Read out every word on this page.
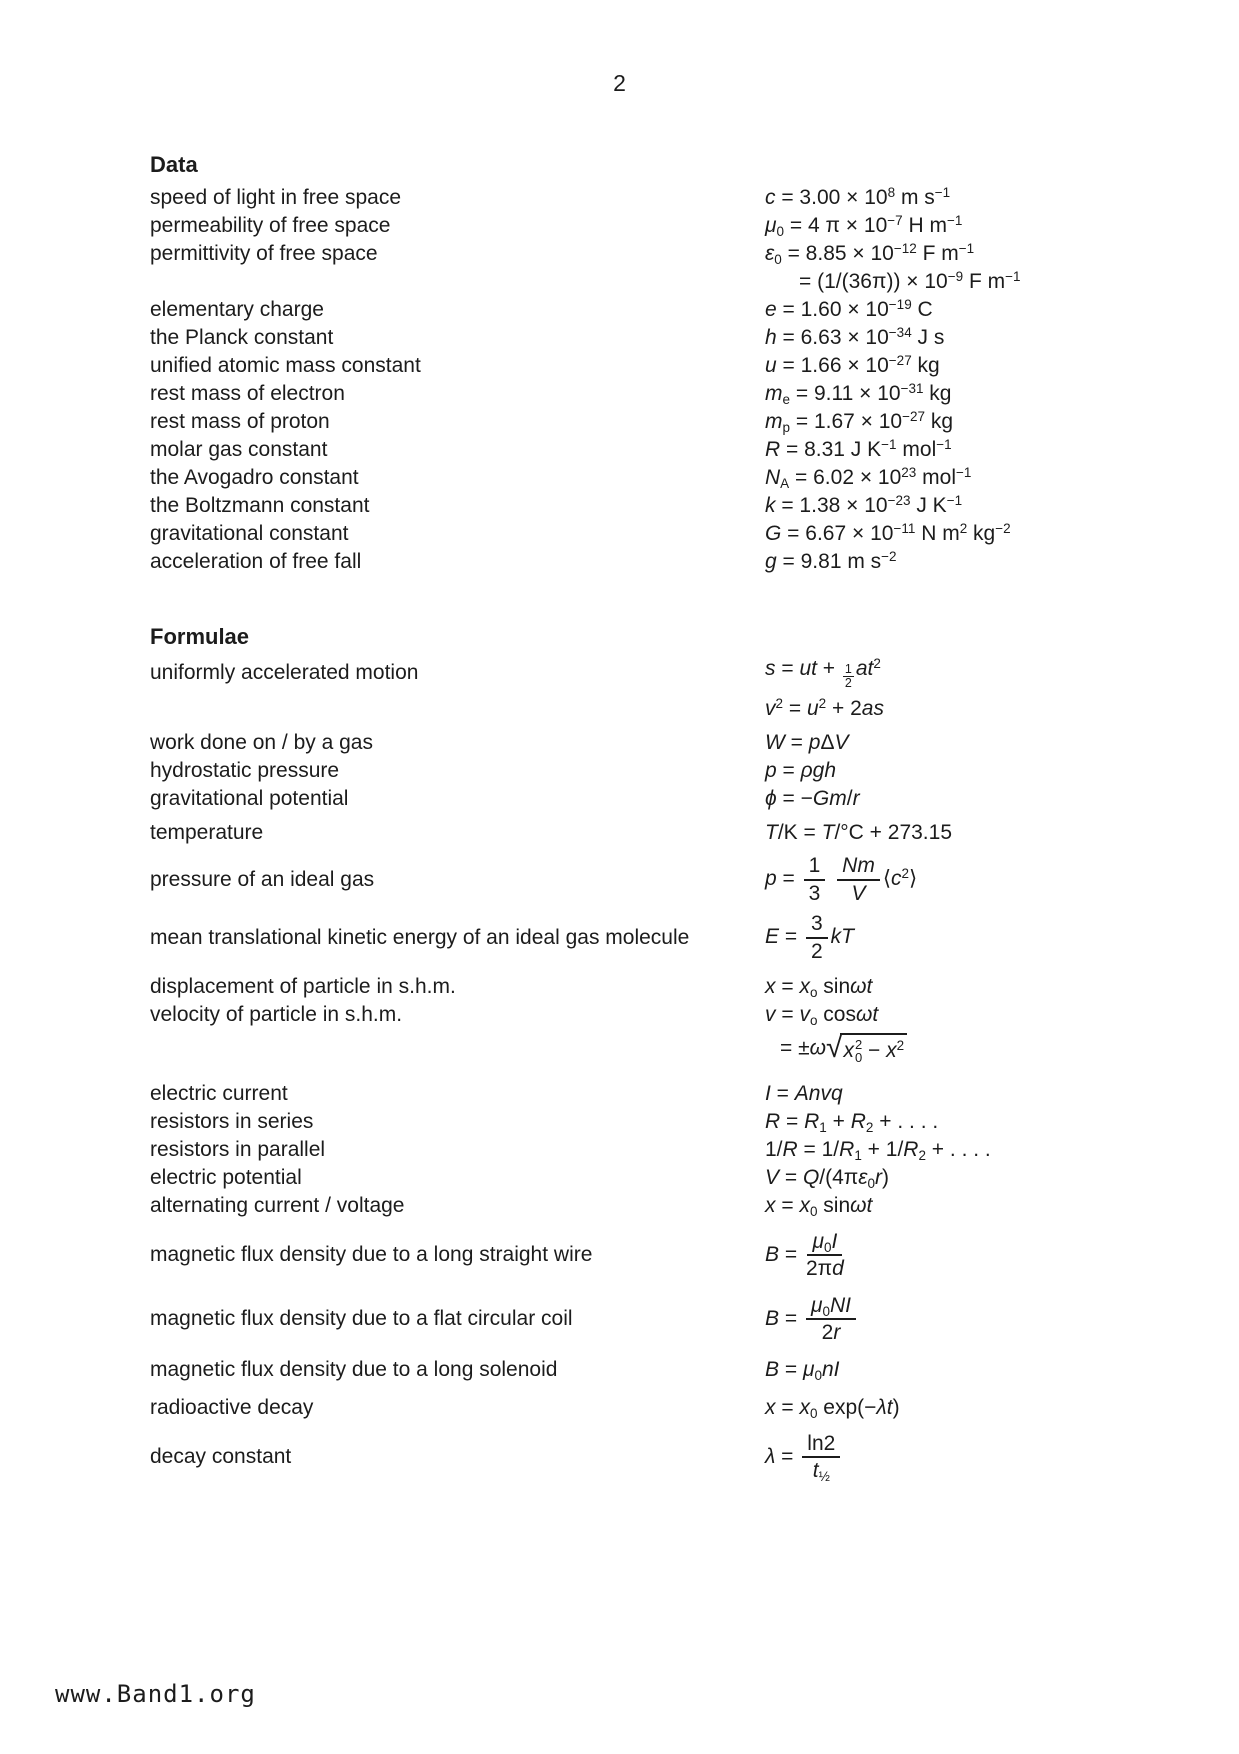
2
Data
speed of light in free space	$c = 3.00 \times 10^8$ m $s^{-1}$
permeability of free space	$\mu_0 = 4$ $\pi \times 10^{-7}$ H $m^{-1}$
permittivity of free space	$\varepsilon_0 = 8.85 \times 10^{-12}$ F $m^{-1}$
= $(1/(36\pi)) \times 10^{-9}$ F $m^{-1}$
elementary charge	$e = 1.60 \times 10^{-19}$ C
the Planck constant	$h = 6.63 \times 10^{-34}$ J s
unified atomic mass constant	$u = 1.66 \times 10^{-27}$ kg
rest mass of electron	$m_e = 9.11 \times 10^{-31}$ kg
rest mass of proton	$m_p = 1.67 \times 10^{-27}$ kg
molar gas constant	R = 8.31 J $K^{-1}$ mol$^{-1}$
the Avogadro constant	$N_A = 6.02 \times 10^{23}$ mol$^{-1}$
the Boltzmann constant	$k = 1.38 \times 10^{-23}$ J $K^{-1}$
gravitational constant	$G = 6.67 \times 10^{-11}$ N $m^2$ $kg^{-2}$
acceleration of free fall	g = 9.81 m $s^{-2}$
Formulae
uniformly accelerated motion	s = ut + $\frac{1}{2} at^2$
$v^2 = u^2 + 2as$
work done on / by a gas	W = pΔV
hydrostatic pressure	p = ρgh
gravitational potential	ϕ = −Gm/r
temperature	T/K = T/°C + 273.15
pressure of an ideal gas	$p = \frac{1}{3}$
$\frac{Nm}{V}$ $⟨c^2⟩$
mean translational kinetic energy of an ideal gas molecule	$E = \frac{3}{2}$ kT
displacement of particle in s.h.m.	$x = x_o$ sinωt
velocity of particle in s.h.m.	$v = v_o$ cosωt
= ±ω √ x 2
$0 - x^2$
electric current	I = Anvq
resistors in series	$R = R_1 + R_2$ + . . . .
resistors in parallel	$1/R = 1/R_1 + 1/R_2$ + . . . .
electric potential	$V = Q/(4\pi\varepsilon_0r)$
alternating current / voltage	$x = x_0$ sinωt
magnetic flux density due to a long straight wire	$B = \frac{\mu_0I}{2\pi d}$
magnetic flux density due to a flat circular coil	$B = \frac{\mu_0NI}{2r}$
magnetic flux density due to a long solenoid	$B = \mu_0nI$
radioactive decay	$x = x_0$ exp(−λt)
decay constant	$\lambda = \frac{\ln 2}{t_{\frac{1}{2}}}$
www.Band1.org
